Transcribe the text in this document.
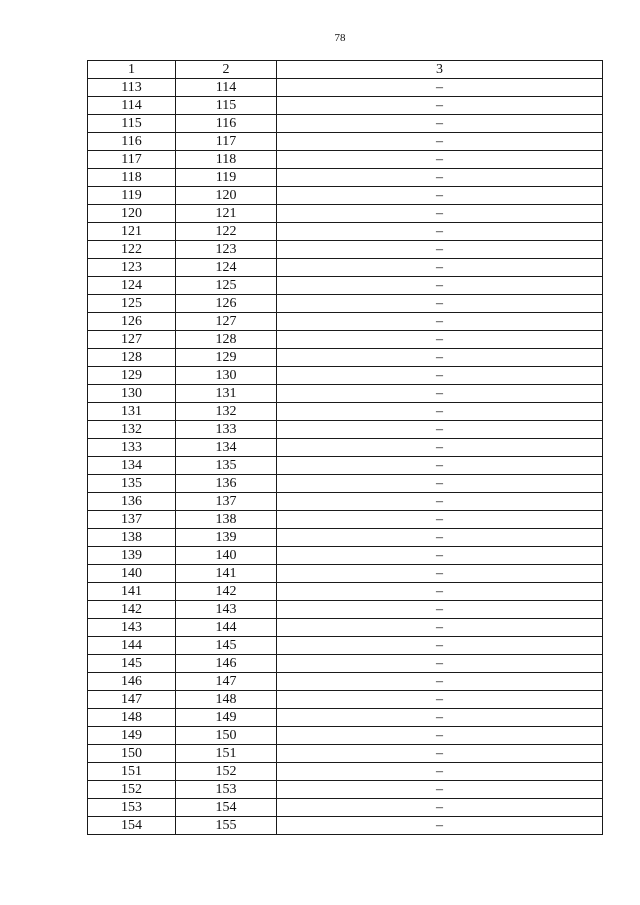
78
1	2	3
113	114	–
114	115	–
115	116	–
116	117	–
117	118	–
118	119	–
119	120	–
120	121	–
121	122	–
122	123	–
123	124	–
124	125	–
125	126	–
126	127	–
127	128	–
128	129	–
129	130	–
130	131	–
131	132	–
132	133	–
133	134	–
134	135	–
135	136	–
136	137	–
137	138	–
138	139	–
139	140	–
140	141	–
141	142	–
142	143	–
143	144	–
144	145	–
145	146	–
146	147	–
147	148	–
148	149	–
149	150	–
150	151	–
151	152	–
152	153	–
153	154	–
154	155	–
